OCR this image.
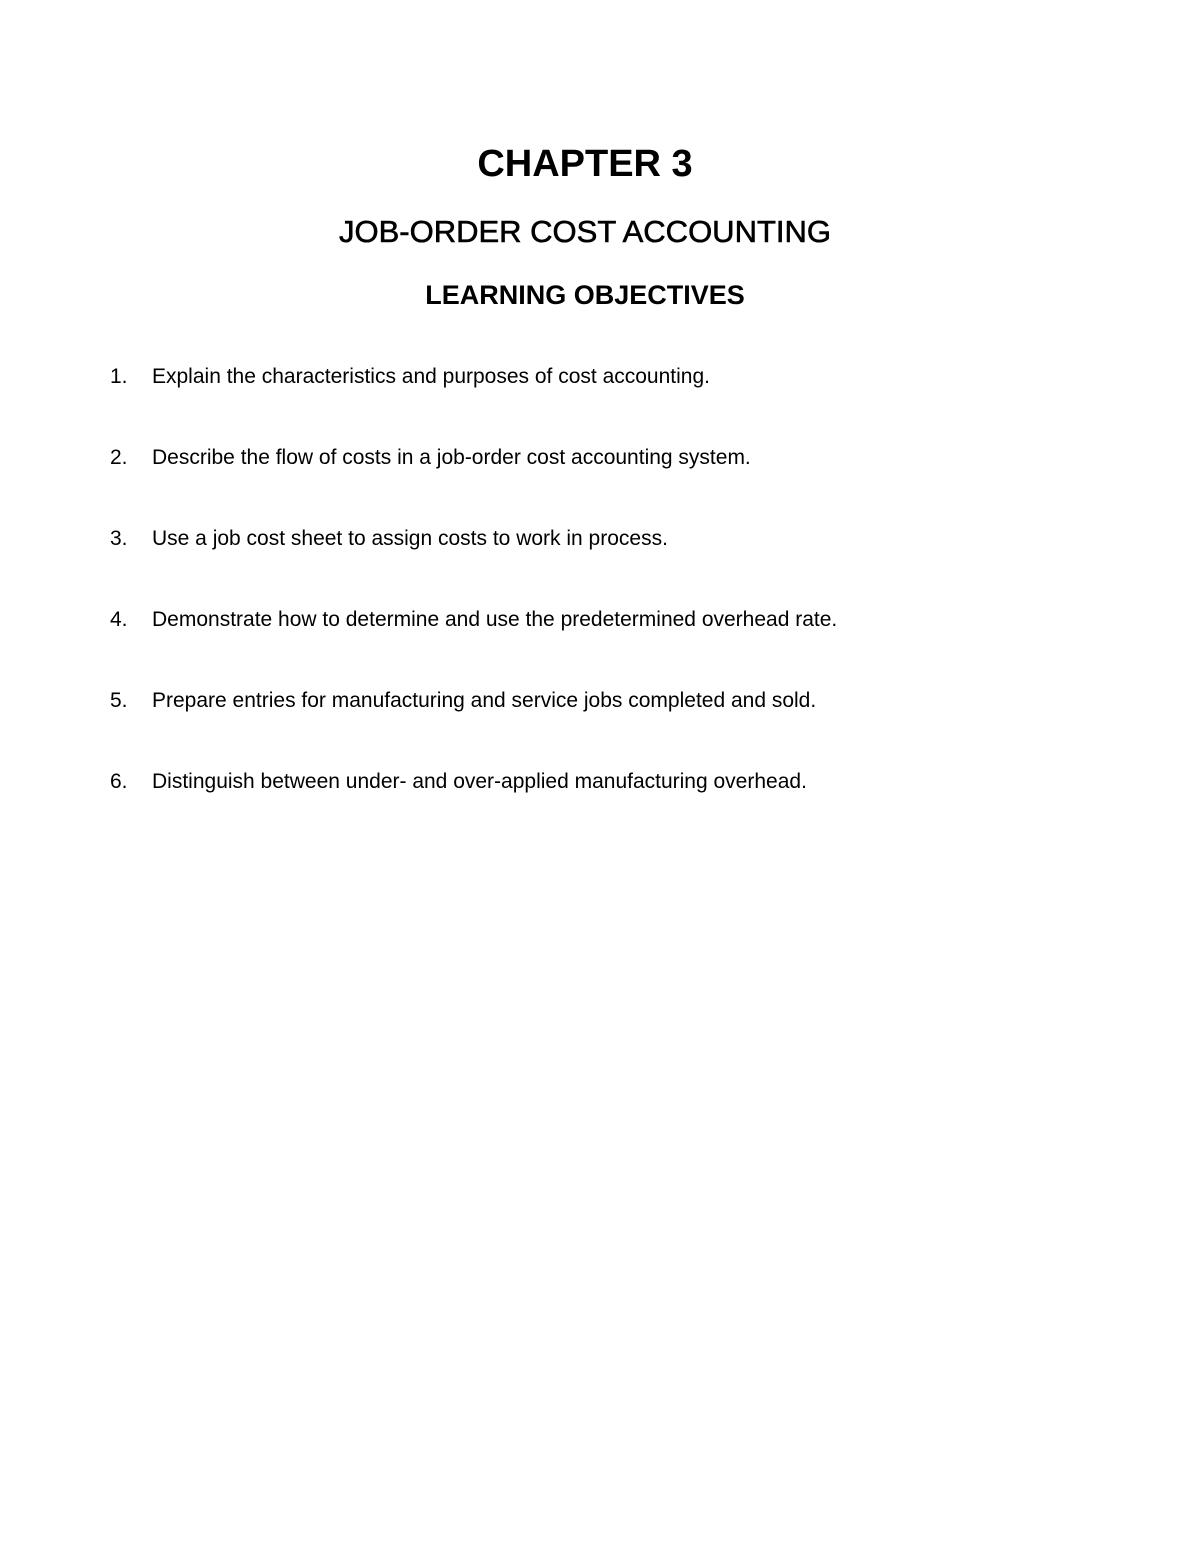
CHAPTER 3
JOB-ORDER COST ACCOUNTING
LEARNING OBJECTIVES
1. Explain the characteristics and purposes of cost accounting.
2. Describe the flow of costs in a job-order cost accounting system.
3. Use a job cost sheet to assign costs to work in process.
4. Demonstrate how to determine and use the predetermined overhead rate.
5. Prepare entries for manufacturing and service jobs completed and sold.
6. Distinguish between under- and over-applied manufacturing overhead.
